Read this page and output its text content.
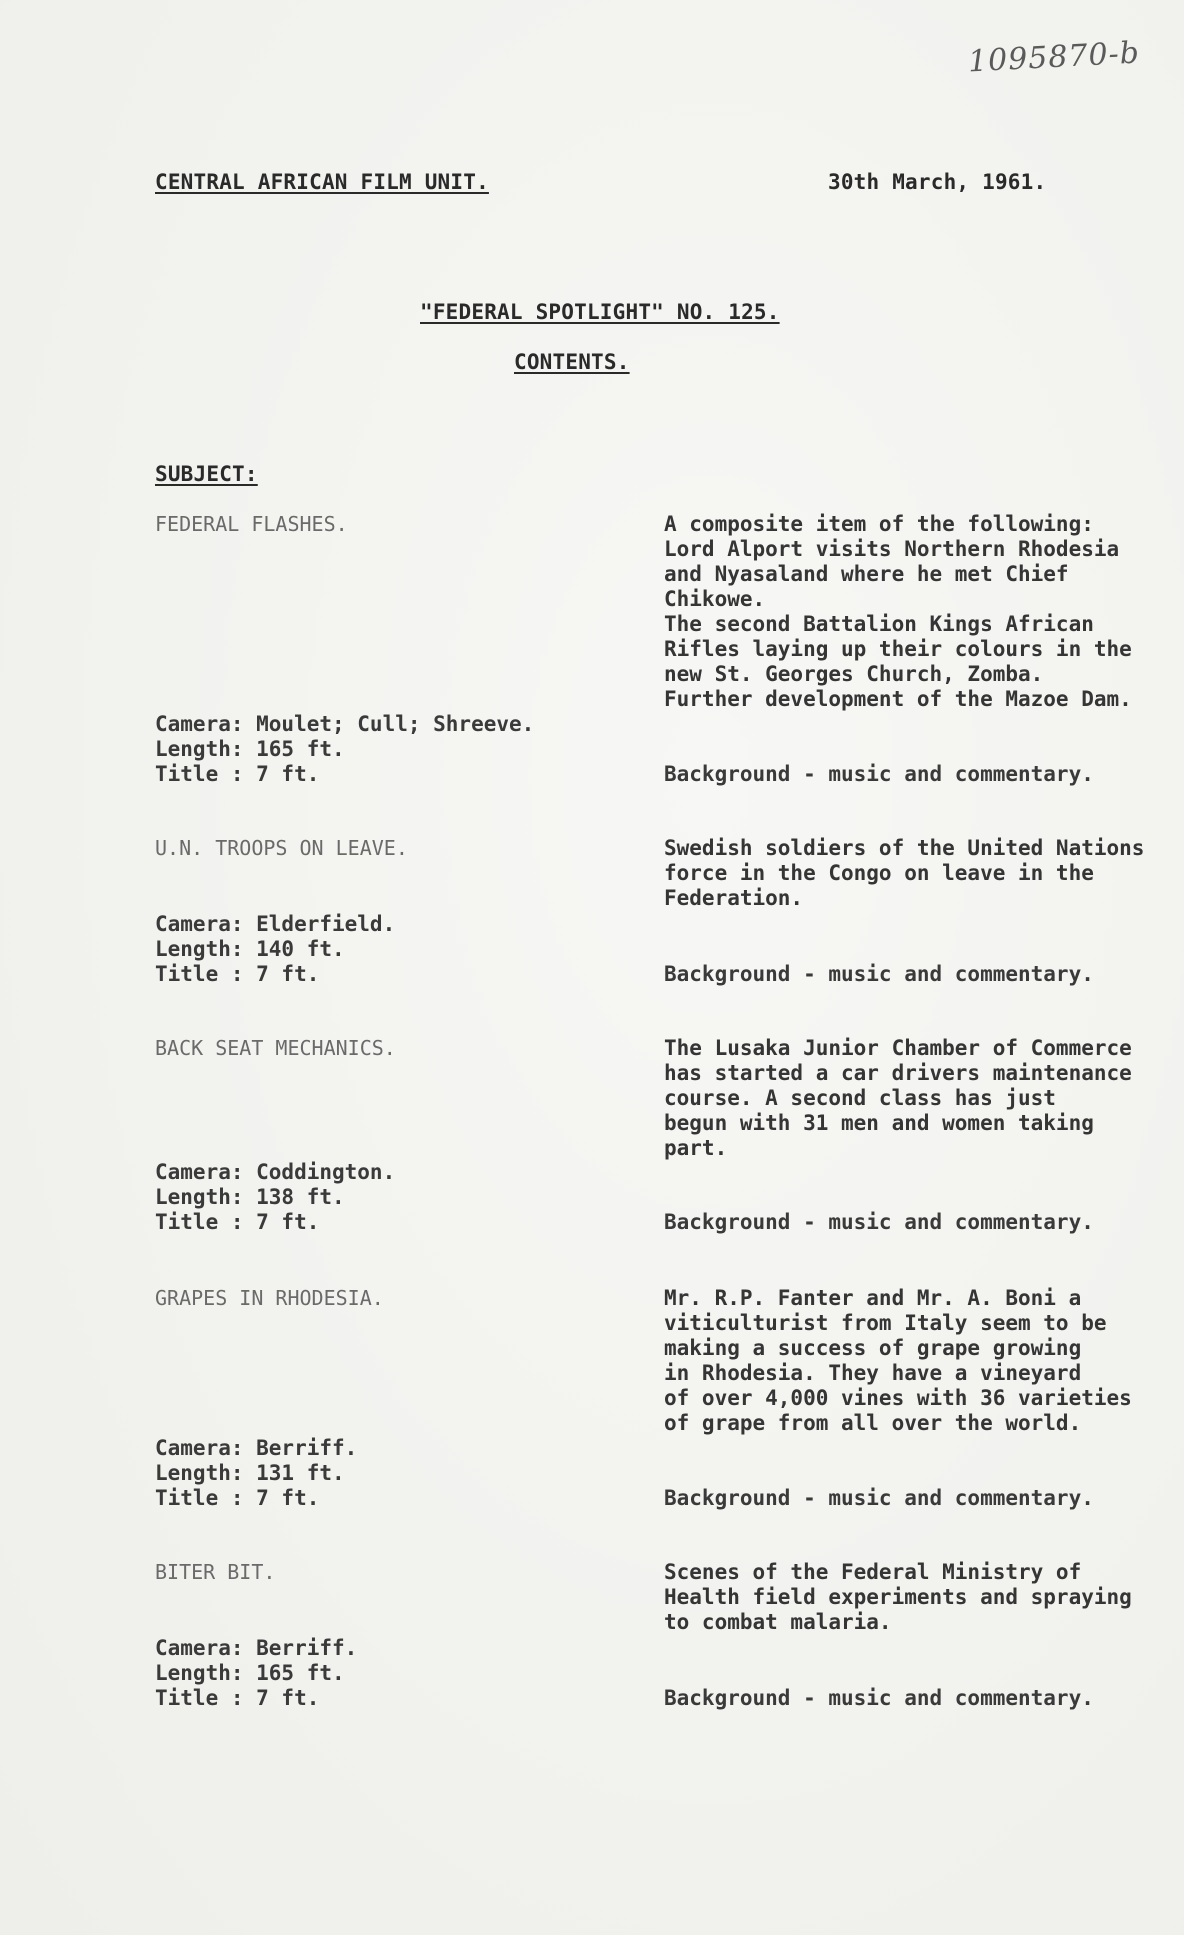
1095870-b
CENTRAL AFRICAN FILM UNIT.	30th March, 1961.
"FEDERAL SPOTLIGHT" NO. 125.
CONTENTS.
SUBJECT:
FEDERAL FLASHES.	A composite item of the following:
Lord Alport visits Northern Rhodesia
and Nyasaland where he met Chief
Chikowe.
The second Battalion Kings African
Rifles laying up their colours in the
new St. Georges Church, Zomba.
Further development of the Mazoe Dam.
Camera: Moulet; Cull; Shreeve.
Length: 165 ft.
Title : 7 ft.	Background - music and commentary.
U.N. TROOPS ON LEAVE.	Swedish soldiers of the United Nations
force in the Congo on leave in the
Federation.
Camera: Elderfield.
Length: 140 ft.
Title : 7 ft.	Background - music and commentary.
BACK SEAT MECHANICS.	The Lusaka Junior Chamber of Commerce
has started a car drivers maintenance
course. A second class has just
begun with 31 men and women taking
part.
Camera: Coddington.
Length: 138 ft.
Title : 7 ft.	Background - music and commentary.
GRAPES IN RHODESIA.	Mr. R.P. Fanter and Mr. A. Boni a
viticulturist from Italy seem to be
making a success of grape growing
in Rhodesia. They have a vineyard
of over 4,000 vines with 36 varieties
of grape from all over the world.
Camera: Berriff.
Length: 131 ft.
Title : 7 ft.	Background - music and commentary.
BITER BIT.	Scenes of the Federal Ministry of
Health field experiments and spraying
to combat malaria.
Camera: Berriff.
Length: 165 ft.
Title : 7 ft.	Background - music and commentary.
